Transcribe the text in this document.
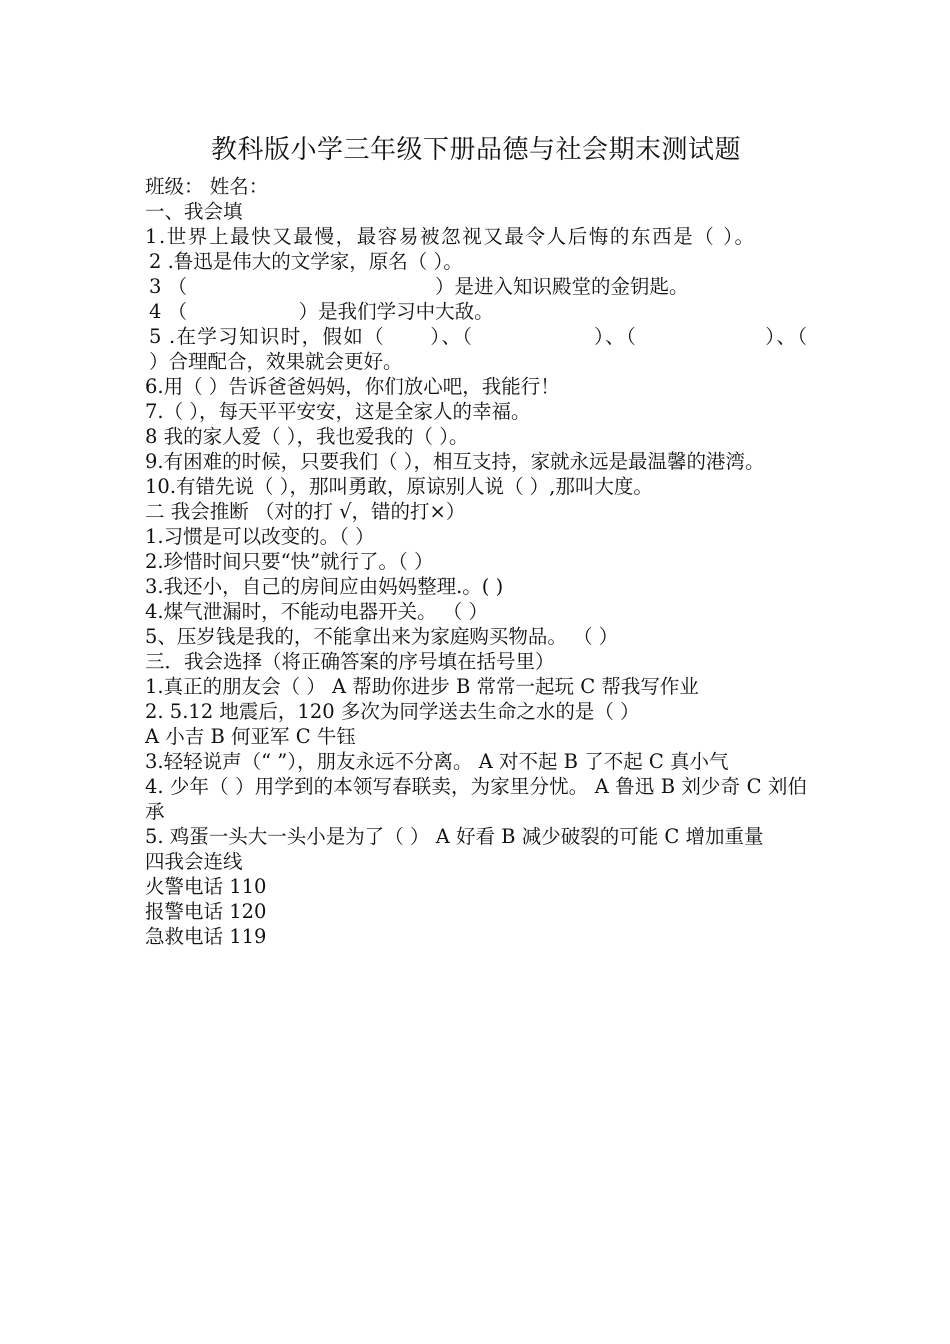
教科版小学三年级下册品德与社会期末测试题
班级： 姓名：
一、我会填
1.世界上最快又最慢，最容易被忽视又最令人后悔的东西是（ ）。
2 .鲁迅是伟大的文学家，原名（ ）。
3 （                                        ）是进入知识殿堂的金钥匙。
4 （                  ）是我们学习中大敌。
5 .在学习知识时，假如（      ）、（                ）、（                 ）、（                ）合理配合，效果就会更好。
6.用（ ）告诉爸爸妈妈，你们放心吧，我能行！
7.（ ），每天平平安安，这是全家人的幸福。
8 我的家人爱（ ），我也爱我的（ ）。
9.有困难的时候，只要我们（ ），相互支持，家就永远是最温馨的港湾。
10.有错先说（ ），那叫勇敢，原谅别人说（ ）,那叫大度。
二 我会推断 （对的打 √，错的打×）
1.习惯是可以改变的。（ ）
2.珍惜时间只要“快”就行了。（ ）
3.我还小，自己的房间应由妈妈整理.。( )
4.煤气泄漏时，不能动电器开关。 （ ）
5、压岁钱是我的，不能拿出来为家庭购买物品。 （ ）
三．我会选择（将正确答案的序号填在括号里）
1.真正的朋友会（ ） A 帮助你进步 B 常常一起玩 C 帮我写作业
2. 5.12 地震后，120 多次为同学送去生命之水的是（ ）
A 小吉 B 何亚军 C 牛钰
3.轻轻说声（“ ”），朋友永远不分离。 A 对不起 B 了不起 C 真小气
4. 少年（ ）用学到的本领写春联卖，为家里分忧。 A 鲁迅 B 刘少奇 C 刘伯承
5. 鸡蛋一头大一头小是为了（ ） A 好看 B 减少破裂的可能 C 增加重量
四我会连线
火警电话 110
报警电话 120
急救电话 119
